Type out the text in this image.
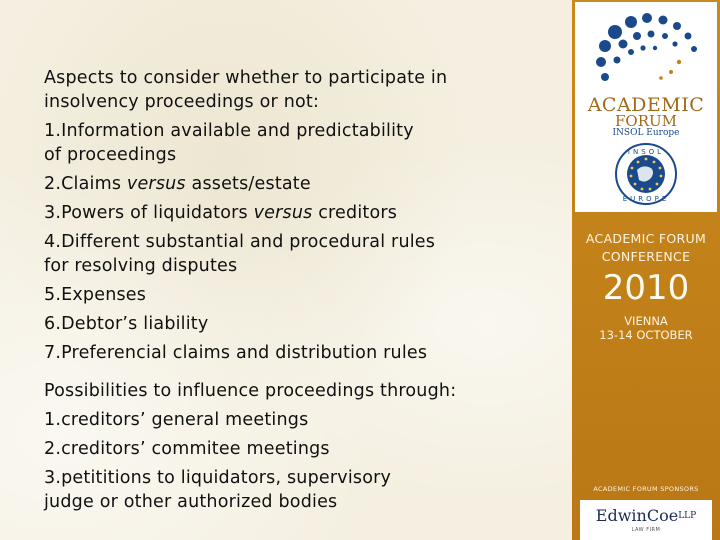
Aspects to consider whether to participate in
insolvency proceedings or not:
1.Information available and predictability
of proceedings
2.Claims versus assets/estate
3.Powers of liquidators versus creditors
4.Different substantial and procedural rules
for resolving disputes
5.Expenses
6.Debtor’s liability
7.Preferencial claims and distribution rules
Possibilities to influence proceedings through:
1.creditors’ general meetings
2.creditors’ commitee meetings
3.petititions to liquidators, supervisory
judge or other authorized bodies
INSOL
EUROPE
ACADEMIC
FORUM
INSOL Europe
ACADEMIC FORUM
CONFERENCE
2010
VIENNA
13-14 OCTOBER
ACADEMIC FORUM SPONSORS
EdwinCoeLLP
LAW FIRM
